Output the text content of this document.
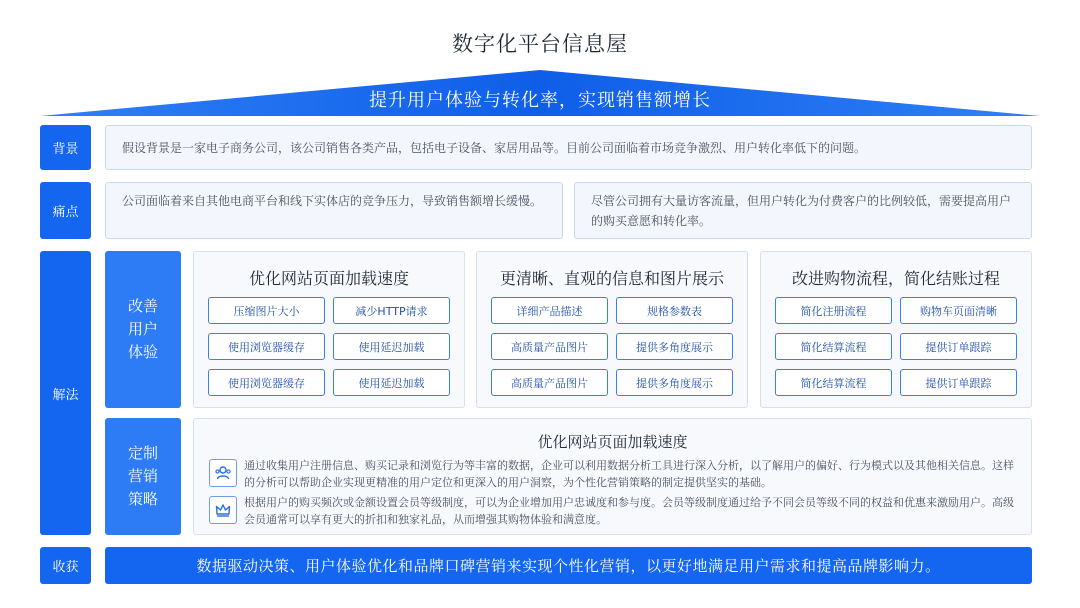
数字化平台信息屋
提升用户体验与转化率，实现销售额增长
背景	假设背景是一家电子商务公司，该公司销售各类产品，包括电子设备、家居用品等。目前公司面临着市场竞争激烈、用户转化率低下的问题。
痛点
公司面临着来自其他电商平台和线下实体店的竞争压力，导致销售额增长缓慢。	尽管公司拥有大量访客流量，但用户转化为付费客户的比例较低，需要提高用户的购买意愿和转化率。
解法
改善
用户
体验
优化网站页面加载速度
压缩图片大小	减少HTTP请求
使用浏览器缓存	使用延迟加载
使用浏览器缓存	使用延迟加载
更清晰、直观的信息和图片展示
详细产品描述	规格参数表
高质量产品图片	提供多角度展示
高质量产品图片	提供多角度展示
改进购物流程，简化结账过程
简化注册流程	购物车页面清晰
简化结算流程	提供订单跟踪
简化结算流程	提供订单跟踪
定制
营销
策略
优化网站页面加载速度
通过收集用户注册信息、购买记录和浏览行为等丰富的数据，企业可以利用数据分析工具进行深入分析，以了解用户的偏好、行为模式以及其他相关信息。这样的分析可以帮助企业实现更精准的用户定位和更深入的用户洞察，为个性化营销策略的制定提供坚实的基础。
根据用户的购买频次或金额设置会员等级制度，可以为企业增加用户忠诚度和参与度。会员等级制度通过给予不同会员等级不同的权益和优惠来激励用户。高级会员通常可以享有更大的折扣和独家礼品，从而增强其购物体验和满意度。
收获	数据驱动决策、用户体验优化和品牌口碑营销来实现个性化营销，以更好地满足用户需求和提高品牌影响力。
